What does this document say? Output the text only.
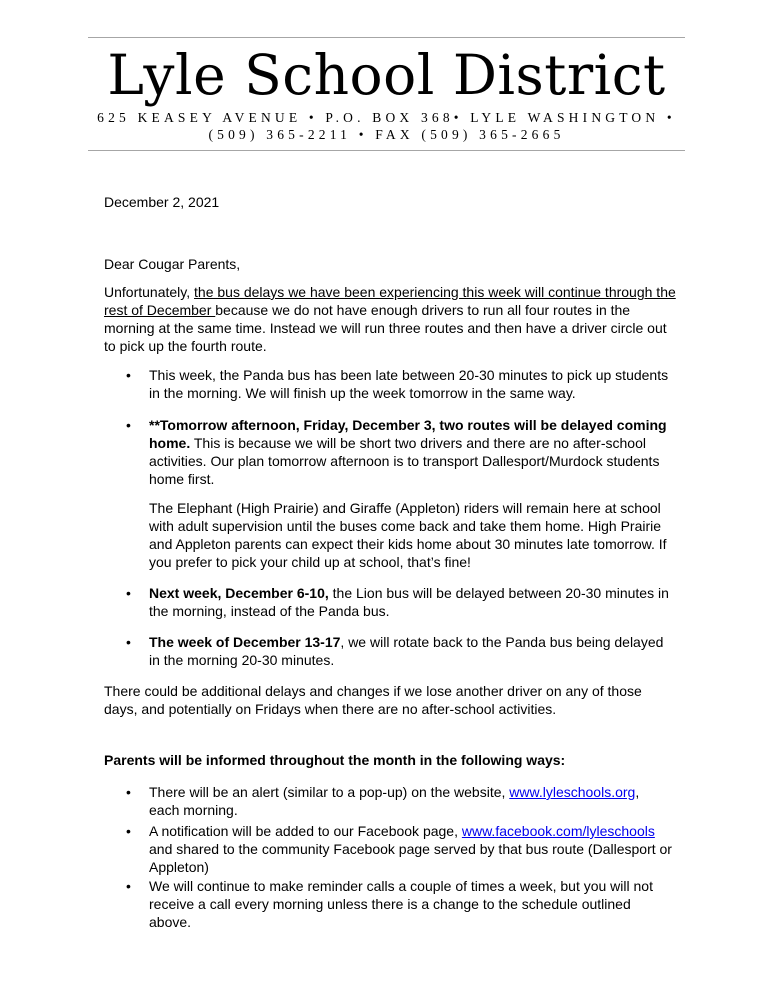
Lyle School District
625 KEASEY AVENUE • P.O. BOX 368• LYLE WASHINGTON •
(509) 365-2211 • FAX (509) 365-2665
December 2, 2021
Dear Cougar Parents,
Unfortunately, the bus delays we have been experiencing this week will continue through the rest of December because we do not have enough drivers to run all four routes in the morning at the same time. Instead we will run three routes and then have a driver circle out to pick up the fourth route.
• This week, the Panda bus has been late between 20-30 minutes to pick up students in the morning. We will finish up the week tomorrow in the same way.
• **Tomorrow afternoon, Friday, December 3, two routes will be delayed coming home. This is because we will be short two drivers and there are no after-school activities. Our plan tomorrow afternoon is to transport Dallesport/Murdock students home first.
The Elephant (High Prairie) and Giraffe (Appleton) riders will remain here at school with adult supervision until the buses come back and take them home. High Prairie and Appleton parents can expect their kids home about 30 minutes late tomorrow. If you prefer to pick your child up at school, that’s fine!
• Next week, December 6-10, the Lion bus will be delayed between 20-30 minutes in the morning, instead of the Panda bus.
• The week of December 13-17, we will rotate back to the Panda bus being delayed in the morning 20-30 minutes.
There could be additional delays and changes if we lose another driver on any of those days, and potentially on Fridays when there are no after-school activities.
Parents will be informed throughout the month in the following ways:
• There will be an alert (similar to a pop-up) on the website, www.lyleschools.org, each morning.
• A notification will be added to our Facebook page, www.facebook.com/lyleschools and shared to the community Facebook page served by that bus route (Dallesport or Appleton)
• We will continue to make reminder calls a couple of times a week, but you will not receive a call every morning unless there is a change to the schedule outlined above.
